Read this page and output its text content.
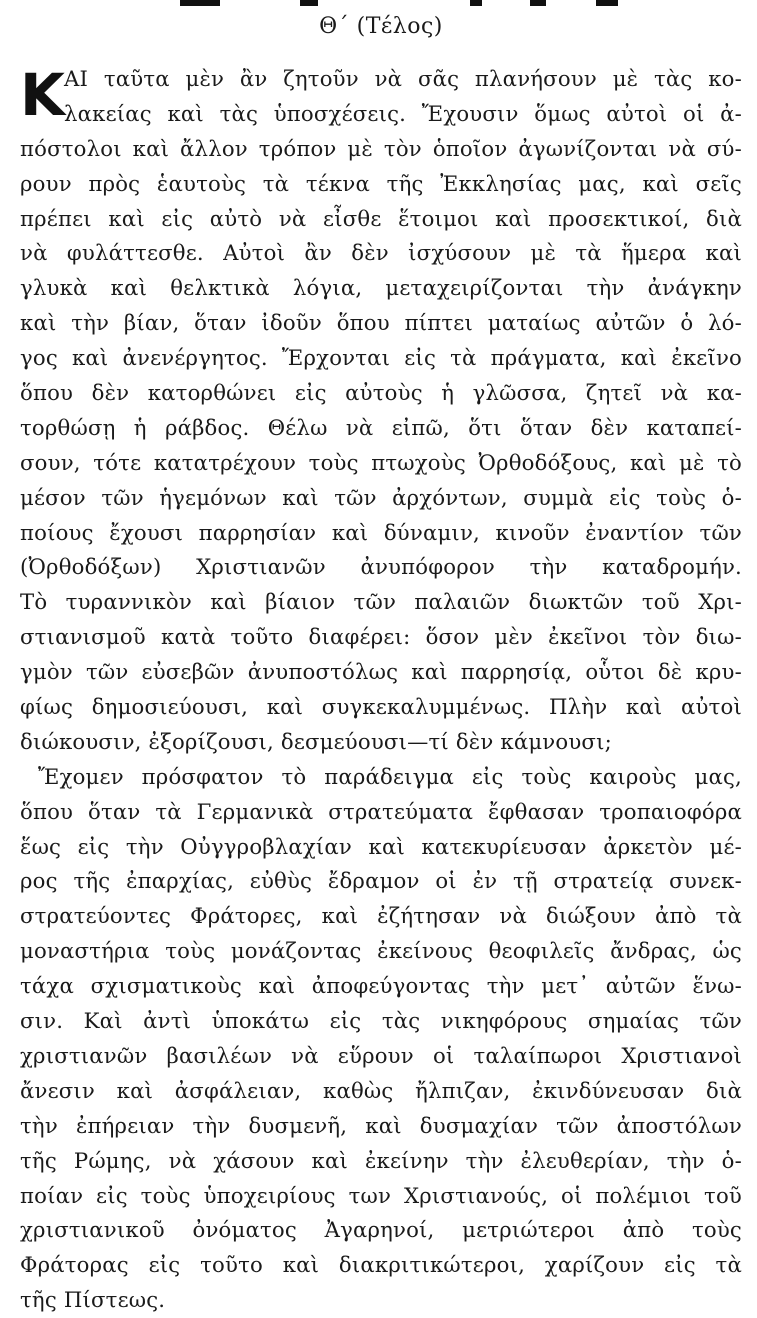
Θ΄ (Τέλος)
Κ ΑΙ ταῦτα μὲν ἂν ζητοῦν νὰ σᾶς πλανήσουν μὲ τὰς κο-
λακείας καὶ τὰς ὑποσχέσεις. Ἔχουσιν ὅμως αὐτοὶ οἱ ἀ-
πόστολοι καὶ ἄλλον τρόπον μὲ τὸν ὁποῖον ἀγωνίζονται νὰ σύ-
ρουν πρὸς ἑαυτοὺς τὰ τέκνα τῆς Ἐκκλησίας μας, καὶ σεῖς
πρέπει καὶ εἰς αὐτὸ νὰ εἶσθε ἕτοιμοι καὶ προσεκτικοί, διὰ
νὰ φυλάττεσθε. Αὐτοὶ ἂν δὲν ἰσχύσουν μὲ τὰ ἥμερα καὶ
γλυκὰ καὶ θελκτικὰ λόγια, μεταχειρίζονται τὴν ἀνάγκην
καὶ τὴν βίαν, ὅταν ἰδοῦν ὅπου πίπτει ματαίως αὐτῶν ὁ λό-
γος καὶ ἀνενέργητος. Ἔρχονται εἰς τὰ πράγματα, καὶ ἐκεῖνο
ὅπου δὲν κατορθώνει εἰς αὐτοὺς ἡ γλῶσσα, ζητεῖ νὰ κα-
τορθώσῃ ἡ ράβδος. Θέλω νὰ εἰπῶ, ὅτι ὅταν δὲν καταπεί-
σουν, τότε κατατρέχουν τοὺς πτωχοὺς Ὀρθοδόξους, καὶ μὲ τὸ
μέσον τῶν ἡγεμόνων καὶ τῶν ἀρχόντων, συμμὰ εἰς τοὺς ὁ-
ποίους ἔχουσι παρρησίαν καὶ δύναμιν, κινοῦν ἐναντίον τῶν
(Ὀρθοδόξων) Χριστιανῶν ἀνυπόφορον τὴν καταδρομήν.
Τὸ τυραννικὸν καὶ βίαιον τῶν παλαιῶν διωκτῶν τοῦ Χρι-
στιανισμοῦ κατὰ τοῦτο διαφέρει: ὅσον μὲν ἐκεῖνοι τὸν διω-
γμὸν τῶν εὐσεβῶν ἀνυποστόλως καὶ παρρησίᾳ, οὗτοι δὲ κρυ-
φίως δημοσιεύουσι, καὶ συγκεκαλυμμένως. Πλὴν καὶ αὐτοὶ
διώκουσιν, ἐξορίζουσι, δεσμεύουσι—τί δὲν κάμνουσι;
Ἔχομεν πρόσφατον τὸ παράδειγμα εἰς τοὺς καιροὺς μας,
ὅπου ὅταν τὰ Γερμανικὰ στρατεύματα ἔφθασαν τροπαιοφόρα
ἕως εἰς τὴν Οὐγγροβλαχίαν καὶ κατεκυρίευσαν ἀρκετὸν μέ-
ρος τῆς ἐπαρχίας, εὐθὺς ἔδραμον οἱ ἐν τῇ στρατείᾳ συνεκ-
στρατεύοντες Φράτορες, καὶ ἐζήτησαν νὰ διώξουν ἀπὸ τὰ
μοναστήρια τοὺς μονάζοντας ἐκείνους θεοφιλεῖς ἄνδρας, ὡς
τάχα σχισματικοὺς καὶ ἀποφεύγοντας τὴν μετ᾽ αὐτῶν ἕνω-
σιν. Καὶ ἀντὶ ὑποκάτω εἰς τὰς νικηφόρους σημαίας τῶν
χριστιανῶν βασιλέων νὰ εὕρουν οἱ ταλαίπωροι Χριστιανοὶ
ἄνεσιν καὶ ἀσφάλειαν, καθὼς ἤλπιζαν, ἐκινδύνευσαν διὰ
τὴν ἐπήρειαν τὴν δυσμενῆ, καὶ δυσμαχίαν τῶν ἀποστόλων
τῆς Ρώμης, νὰ χάσουν καὶ ἐκείνην τὴν ἐλευθερίαν, τὴν ὁ-
ποίαν εἰς τοὺς ὑποχειρίους των Χριστιανούς, οἱ πολέμιοι τοῦ
χριστιανικοῦ ὀνόματος Ἀγαρηνοί, μετριώτεροι ἀπὸ τοὺς
Φράτορας εἰς τοῦτο καὶ διακριτικώτεροι, χαρίζουν εἰς τὰ
τῆς Πίστεως.
